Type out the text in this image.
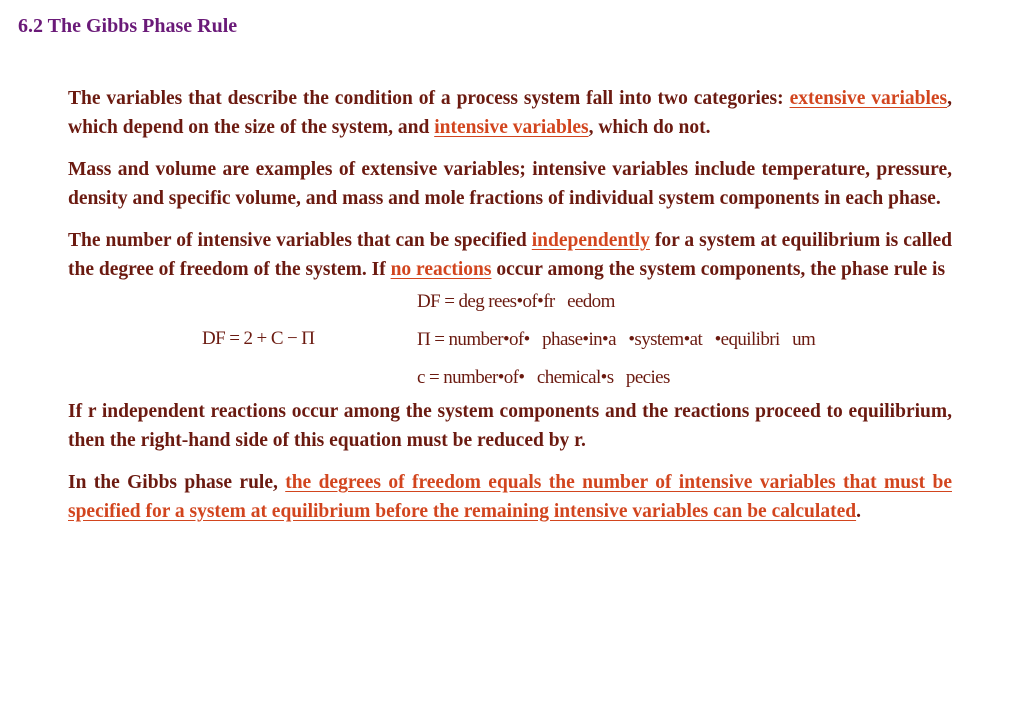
6.2 The Gibbs Phase Rule

The variables that describe the condition of a process system fall into two categories: extensive variables, which depend on the size of the system, and intensive variables, which do not.

Mass and volume are examples of extensive variables; intensive variables include temperature, pressure, density and specific volume, and mass and mole fractions of individual system components in each phase.

The number of intensive variables that can be specified independently for a system at equilibrium is called the degree of freedom of the system. If no reactions occur among the system components, the phase rule is

DF = 2 + C − Π
DF = deg rees•of•fr   eedom
Π = number•of•   phase•in•a   •system•at   •equilibri   um
c = number•of•   chemical•s   pecies

If r independent reactions occur among the system components and the reactions proceed to equilibrium, then the right-hand side of this equation must be reduced by r.

In the Gibbs phase rule, the degrees of freedom equals the number of intensive variables that must be specified for a system at equilibrium before the remaining intensive variables can be calculated.
